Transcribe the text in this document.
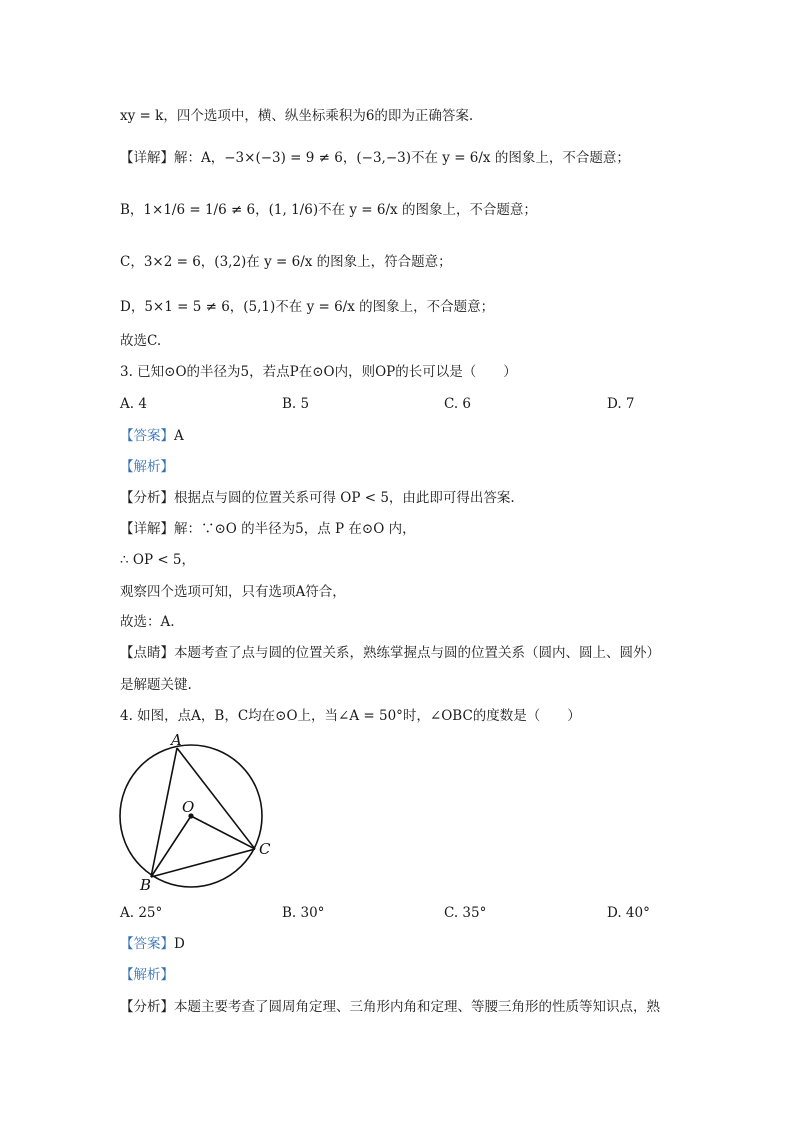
xy = k，四个选项中，横、纵坐标乘积为6的即为正确答案.
【详解】解：A，−3×(−3) = 9 ≠ 6，(−3,−3)不在 y = 6/x 的图象上，不合题意；
B，1×1/6 = 1/6 ≠ 6，(1, 1/6)不在 y = 6/x 的图象上，不合题意；
C，3×2 = 6，(3,2)在 y = 6/x 的图象上，符合题意；
D，5×1 = 5 ≠ 6，(5,1)不在 y = 6/x 的图象上，不合题意；
故选C.
3. 已知⊙O的半径为5，若点P在⊙O内，则OP的长可以是（　　）
A. 4	B. 5	C. 6	D. 7
【答案】A
【解析】
【分析】根据点与圆的位置关系可得 OP < 5，由此即可得出答案.
【详解】解：∵⊙O 的半径为5，点 P 在⊙O 内，
∴ OP < 5，
观察四个选项可知，只有选项A符合，
故选：A.
【点睛】本题考查了点与圆的位置关系，熟练掌握点与圆的位置关系（圆内、圆上、圆外）
是解题关键.
4. 如图，点A，B，C均在⊙O上，当∠A = 50°时，∠OBC的度数是（　　）
A
O
C
B
A. 25°	B. 30°	C. 35°	D. 40°
【答案】D
【解析】
【分析】本题主要考查了圆周角定理、三角形内角和定理、等腰三角形的性质等知识点，熟
